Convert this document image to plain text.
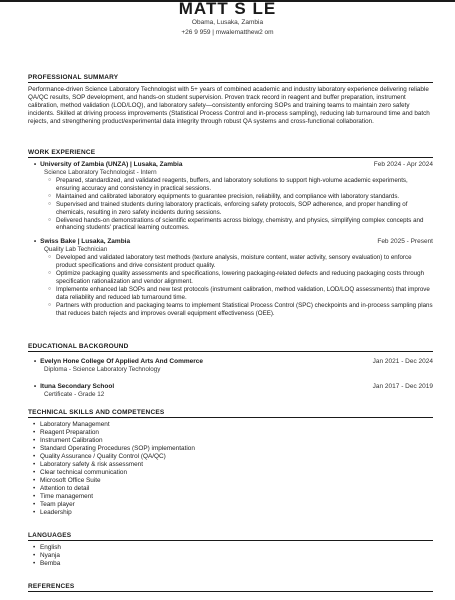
MATT S LE
Obama, Lusaka, Zambia
+26 9 959 | mwalematthew2 om
PROFESSIONAL SUMMARY
Performance-driven Science Laboratory Technologist with 5+ years of combined academic and industry laboratory experience delivering reliable QA/QC results, SOP development, and hands-on student supervision. Proven track record in reagent and buffer preparation, instrument calibration, method validation (LOD/LOQ), and laboratory safety—consistently enforcing SOPs and training teams to maintain zero safety incidents. Skilled at driving process improvements (Statistical Process Control and in-process sampling), reducing lab turnaround time and batch rejects, and strengthening product/experimental data integrity through robust QA systems and cross-functional collaboration.
WORK EXPERIENCE
• University of Zambia (UNZA) | Lusaka, Zambia	Feb 2024 - Apr 2024
Science Laboratory Technologist - Intern
○ Prepared, standardized, and validated reagents, buffers, and laboratory solutions to support high-volume academic experiments, ensuring accuracy and consistency in practical sessions.
○ Maintained and calibrated laboratory equipments to guarantee precision, reliability, and compliance with laboratory standards.
○ Supervised and trained students during laboratory practicals, enforcing safety protocols, SOP adherence, and proper handling of chemicals, resulting in zero safety incidents during sessions.
○ Delivered hands-on demonstrations of scientific experiments across biology, chemistry, and physics, simplifying complex concepts and enhancing students' practical learning outcomes.
• Swiss Bake | Lusaka, Zambia	Feb 2025 - Present
Quality Lab Technician
○ Developed and validated laboratory test methods (texture analysis, moisture content, water activity, sensory evaluation) to enforce product specifications and drive consistent product quality.
○ Optimize packaging quality assessments and specifications, lowering packaging-related defects and reducing packaging costs through specification rationalization and vendor alignment.
○ Implemente enhanced lab SOPs and new test protocols (instrument calibration, method validation, LOD/LOQ assessments) that improve data reliability and reduced lab turnaround time.
○ Partners with production and packaging teams to implement Statistical Process Control (SPC) checkpoints and in-process sampling plans that reduces batch rejects and improves overall equipment effectiveness (OEE).
EDUCATIONAL BACKGROUND
• Evelyn Hone College Of Applied Arts And Commerce	Jan 2021 - Dec 2024
Diploma - Science Laboratory Technology
• Ituna Secondary School	Jan 2017 - Dec 2019
Certificate - Grade 12
TECHNICAL SKILLS AND COMPETENCES
• Laboratory Management
• Reagent Preparation
• Instrument Calibration
• Standard Operating Procedures (SOP) implementation
• Quality Assurance / Quality Control (QA/QC)
• Laboratory safety & risk assessment
• Clear technical communication
• Microsoft Office Suite
• Attention to detail
• Time management
• Team player
• Leadership
LANGUAGES
• English
• Nyanja
• Bemba
REFERENCES
